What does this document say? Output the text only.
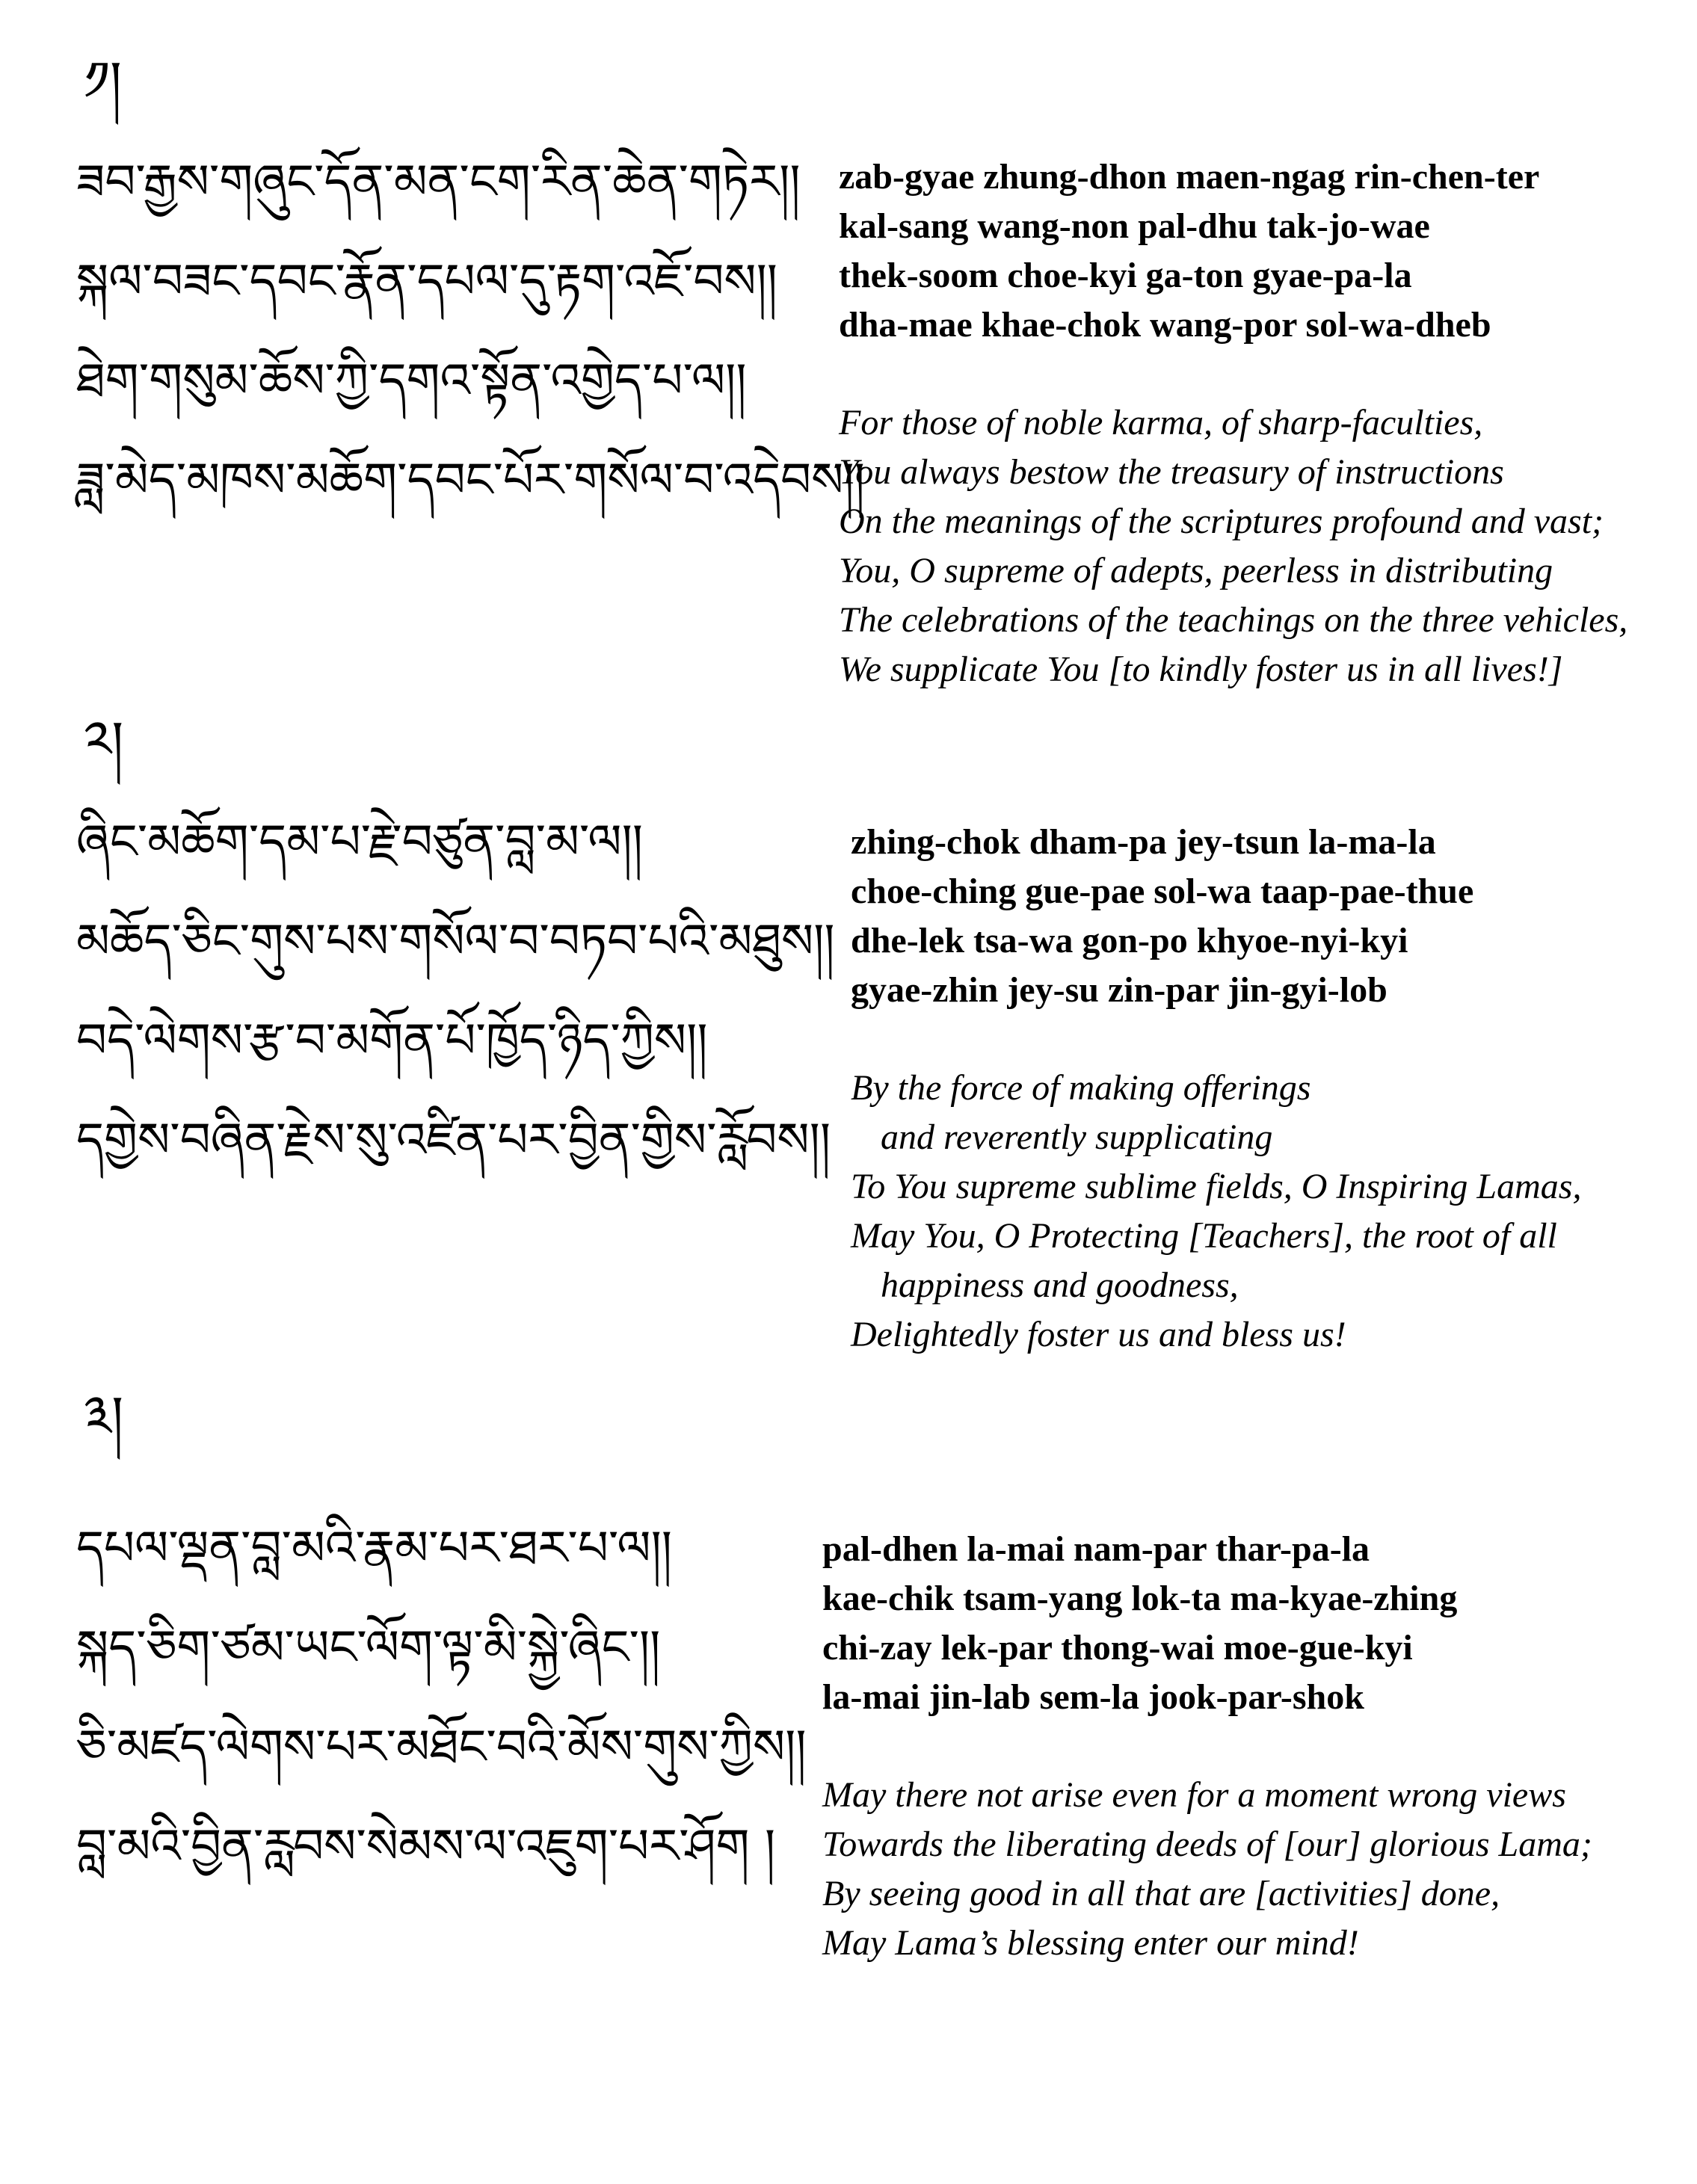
༡།
ཟབ་རྒྱས་གཞུང་དོན་མན་ངག་རིན་ཆེན་གཏེར།།
སྐལ་བཟང་དབང་རྣོན་དཔལ་དུ་རྟག་འཇོ་བས།།
ཐེག་གསུམ་ཆོས་ཀྱི་དགའ་སྟོན་འགྱེད་པ་ལ།།
ཟླ་མེད་མཁས་མཆོག་དབང་པོར་གསོལ་བ་འདེབས།།
zab-gyae zhung-dhon maen-ngag rin-chen-ter
kal-sang wang-non pal-dhu tak-jo-wae
thek-soom choe-kyi ga-ton gyae-pa-la
dha-mae khae-chok wang-por sol-wa-dheb
For those of noble karma, of sharp-faculties,
You always bestow the treasury of instructions
On the meanings of the scriptures profound and vast;
You, O supreme of adepts, peerless in distributing
The celebrations of the teachings on the three vehicles,
We supplicate You [to kindly foster us in all lives!]
༢།
ཞིང་མཆོག་དམ་པ་རྗེ་བཙུན་བླ་མ་ལ།།
མཆོད་ཅིང་གུས་པས་གསོལ་བ་བཏབ་པའི་མཐུས།།
བདེ་ལེགས་རྩ་བ་མགོན་པོ་ཁྱོད་ཉིད་ཀྱིས།།
དགྱེས་བཞིན་རྗེས་སུ་འཛིན་པར་བྱིན་གྱིས་རློབས།།
zhing-chok dham-pa jey-tsun la-ma-la
choe-ching gue-pae sol-wa taap-pae-thue
dhe-lek tsa-wa gon-po khyoe-nyi-kyi
gyae-zhin jey-su zin-par jin-gyi-lob
By the force of making offerings
and reverently supplicating
To You supreme sublime fields, O Inspiring Lamas,
May You, O Protecting [Teachers], the root of all
happiness and goodness,
Delightedly foster us and bless us!
༣།
དཔལ་ལྡན་བླ་མའི་རྣམ་པར་ཐར་པ་ལ།།
སྐད་ཅིག་ཙམ་ཡང་ལོག་ལྟ་མི་སྐྱེ་ཞིང་།།
ཅི་མཛད་ལེགས་པར་མཐོང་བའི་མོས་གུས་ཀྱིས།།
བླ་མའི་བྱིན་རླབས་སེམས་ལ་འཇུག་པར་ཤོག །
pal-dhen la-mai nam-par thar-pa-la
kae-chik tsam-yang lok-ta ma-kyae-zhing
chi-zay lek-par thong-wai moe-gue-kyi
la-mai jin-lab sem-la jook-par-shok
May there not arise even for a moment wrong views
Towards the liberating deeds of [our] glorious Lama;
By seeing good in all that are [activities] done,
May Lama’s blessing enter our mind!
